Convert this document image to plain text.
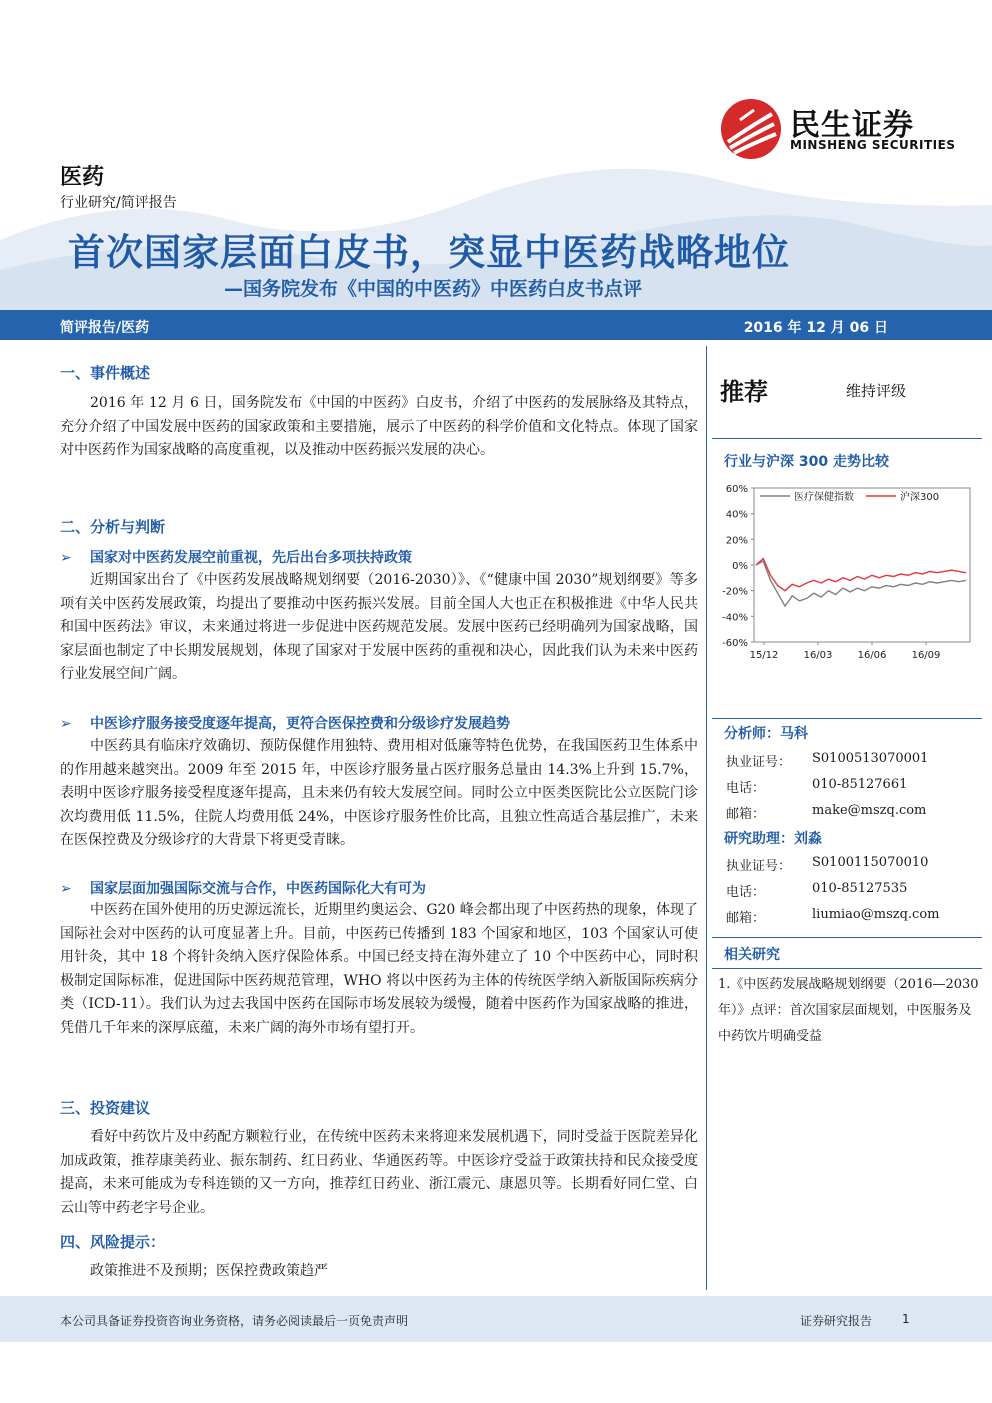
民生证券
MINSHENG SECURITIES
医药
行业研究/简评报告
首次国家层面白皮书，突显中医药战略地位
—国务院发布《中国的中医药》中医药白皮书点评
简评报告/医药	2016 年 12 月 06 日
一、事件概述

2016 年 12 月 6 日，国务院发布《中国的中医药》白皮书，介绍了中医药的发展脉络及其特点，充分介绍了中国发展中医药的国家政策和主要措施，展示了中医药的科学价值和文化特点。体现了国家对中医药作为国家战略的高度重视，以及推动中医药振兴发展的决心。

二、分析与判断
➢ 国家对中医药发展空前重视，先后出台多项扶持政策

近期国家出台了《中医药发展战略规划纲要（2016-2030）》、《“健康中国 2030”规划纲要》等多项有关中医药发展政策，均提出了要推动中医药振兴发展。目前全国人大也正在积极推进《中华人民共和国中医药法》审议，未来通过将进一步促进中医药规范发展。发展中医药已经明确列为国家战略，国家层面也制定了中长期发展规划，体现了国家对于发展中医药的重视和决心，因此我们认为未来中医药行业发展空间广阔。

➢ 中医诊疗服务接受度逐年提高，更符合医保控费和分级诊疗发展趋势

中医药具有临床疗效确切、预防保健作用独特、费用相对低廉等特色优势，在我国医药卫生体系中的作用越来越突出。2009 年至 2015 年，中医诊疗服务量占医疗服务总量由 14.3%上升到 15.7%，表明中医诊疗服务接受程度逐年提高，且未来仍有较大发展空间。同时公立中医类医院比公立医院门诊次均费用低 11.5%，住院人均费用低 24%，中医诊疗服务性价比高，且独立性高适合基层推广，未来在医保控费及分级诊疗的大背景下将更受青睐。

➢ 国家层面加强国际交流与合作，中医药国际化大有可为

中医药在国外使用的历史源远流长，近期里约奥运会、G20 峰会都出现了中医药热的现象，体现了国际社会对中医药的认可度显著上升。目前，中医药已传播到 183 个国家和地区，103 个国家认可使用针灸，其中 18 个将针灸纳入医疗保险体系。中国已经支持在海外建立了 10 个中医药中心，同时积极制定国际标准，促进国际中医药规范管理，WHO 将以中医药为主体的传统医学纳入新版国际疾病分类（ICD-11）。我们认为过去我国中医药在国际市场发展较为缓慢，随着中医药作为国家战略的推进，凭借几千年来的深厚底蕴，未来广阔的海外市场有望打开。

三、投资建议

看好中药饮片及中药配方颗粒行业，在传统中医药未来将迎来发展机遇下，同时受益于医院差异化加成政策，推荐康美药业、振东制药、红日药业、华通医药等。中医诊疗受益于政策扶持和民众接受度提高，未来可能成为专科连锁的又一方向，推荐红日药业、浙江震元、康恩贝等。长期看好同仁堂、白云山等中药老字号企业。

四、风险提示：

政策推进不及预期；医保控费政策趋严

推荐	维持评级
行业与沪深 300 走势比较
60%
40%
20%
0%
-20%
-40%
-60%
15/12	16/03	16/06	16/09
医疗保健指数	沪深300
分析师：马科
执业证号： S0100513070001
电话：	010-85127661
邮箱：	make@mszq.com
研究助理：刘淼
执业证号： S0100115070010
电话：	010-85127535
邮箱：	liumiao@mszq.com
相关研究

1.《中医药发展战略规划纲要（2016—2030 年）》点评：首次国家层面规划，中医服务及中药饮片明确受益

本公司具备证券投资咨询业务资格，请务必阅读最后一页免责声明	证券研究报告 1
